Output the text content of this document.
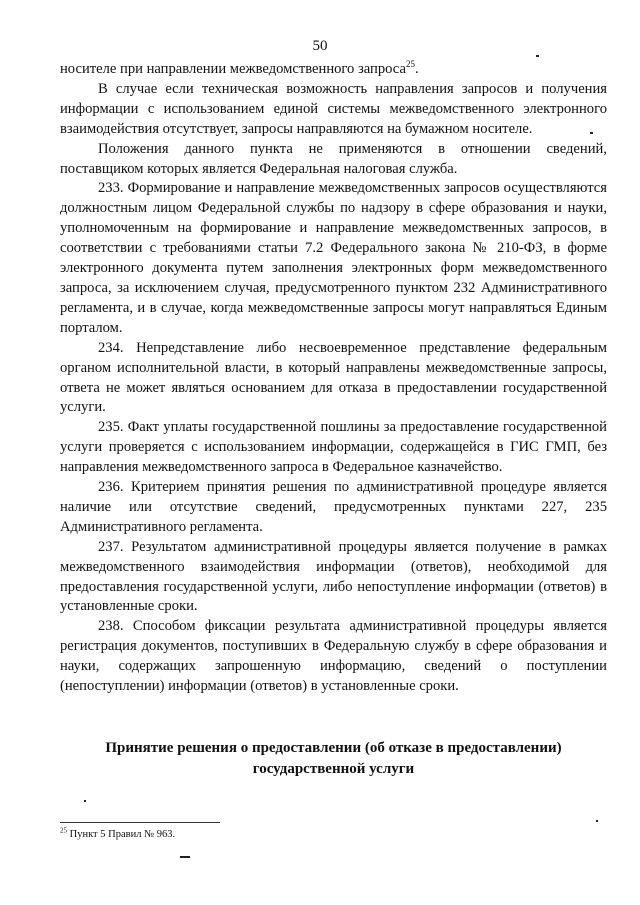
50

носителе при направлении межведомственного запроса$^{25}$.

В случае если техническая возможность направления запросов и получения информации с использованием единой системы межведомственного электронного взаимодействия отсутствует, запросы направляются на бумажном носителе.

Положения данного пункта не применяются в отношении сведений, поставщиком которых является Федеральная налоговая служба.

233. Формирование и направление межведомственных запросов осуществляются должностным лицом Федеральной службы по надзору в сфере образования и науки, уполномоченным на формирование и направление межведомственных запросов, в соответствии с требованиями статьи 7.2 Федерального закона № 210-ФЗ, в форме электронного документа путем заполнения электронных форм межведомственного запроса, за исключением случая, предусмотренного пунктом 232 Административного регламента, и в случае, когда межведомственные запросы могут направляться Единым порталом.

234. Непредставление либо несвоевременное представление федеральным органом исполнительной власти, в который направлены межведомственные запросы, ответа не может являться основанием для отказа в предоставлении государственной услуги.

235. Факт уплаты государственной пошлины за предоставление государственной услуги проверяется с использованием информации, содержащейся в ГИС ГМП, без направления межведомственного запроса в Федеральное казначейство.

236. Критерием принятия решения по административной процедуре является наличие или отсутствие сведений, предусмотренных пунктами 227, 235 Административного регламента.

237. Результатом административной процедуры является получение в рамках межведомственного взаимодействия информации (ответов), необходимой для предоставления государственной услуги, либо непоступление информации (ответов) в установленные сроки.

238. Способом фиксации результата административной процедуры является регистрация документов, поступивших в Федеральную службу в сфере образования и науки, содержащих запрошенную информацию, сведений о поступлении (непоступлении) информации (ответов) в установленные сроки.

Принятие решения о предоставлении (об отказе в предоставлении)
государственной услуги
$^{25}$ Пункт 5 Правил № 963.
